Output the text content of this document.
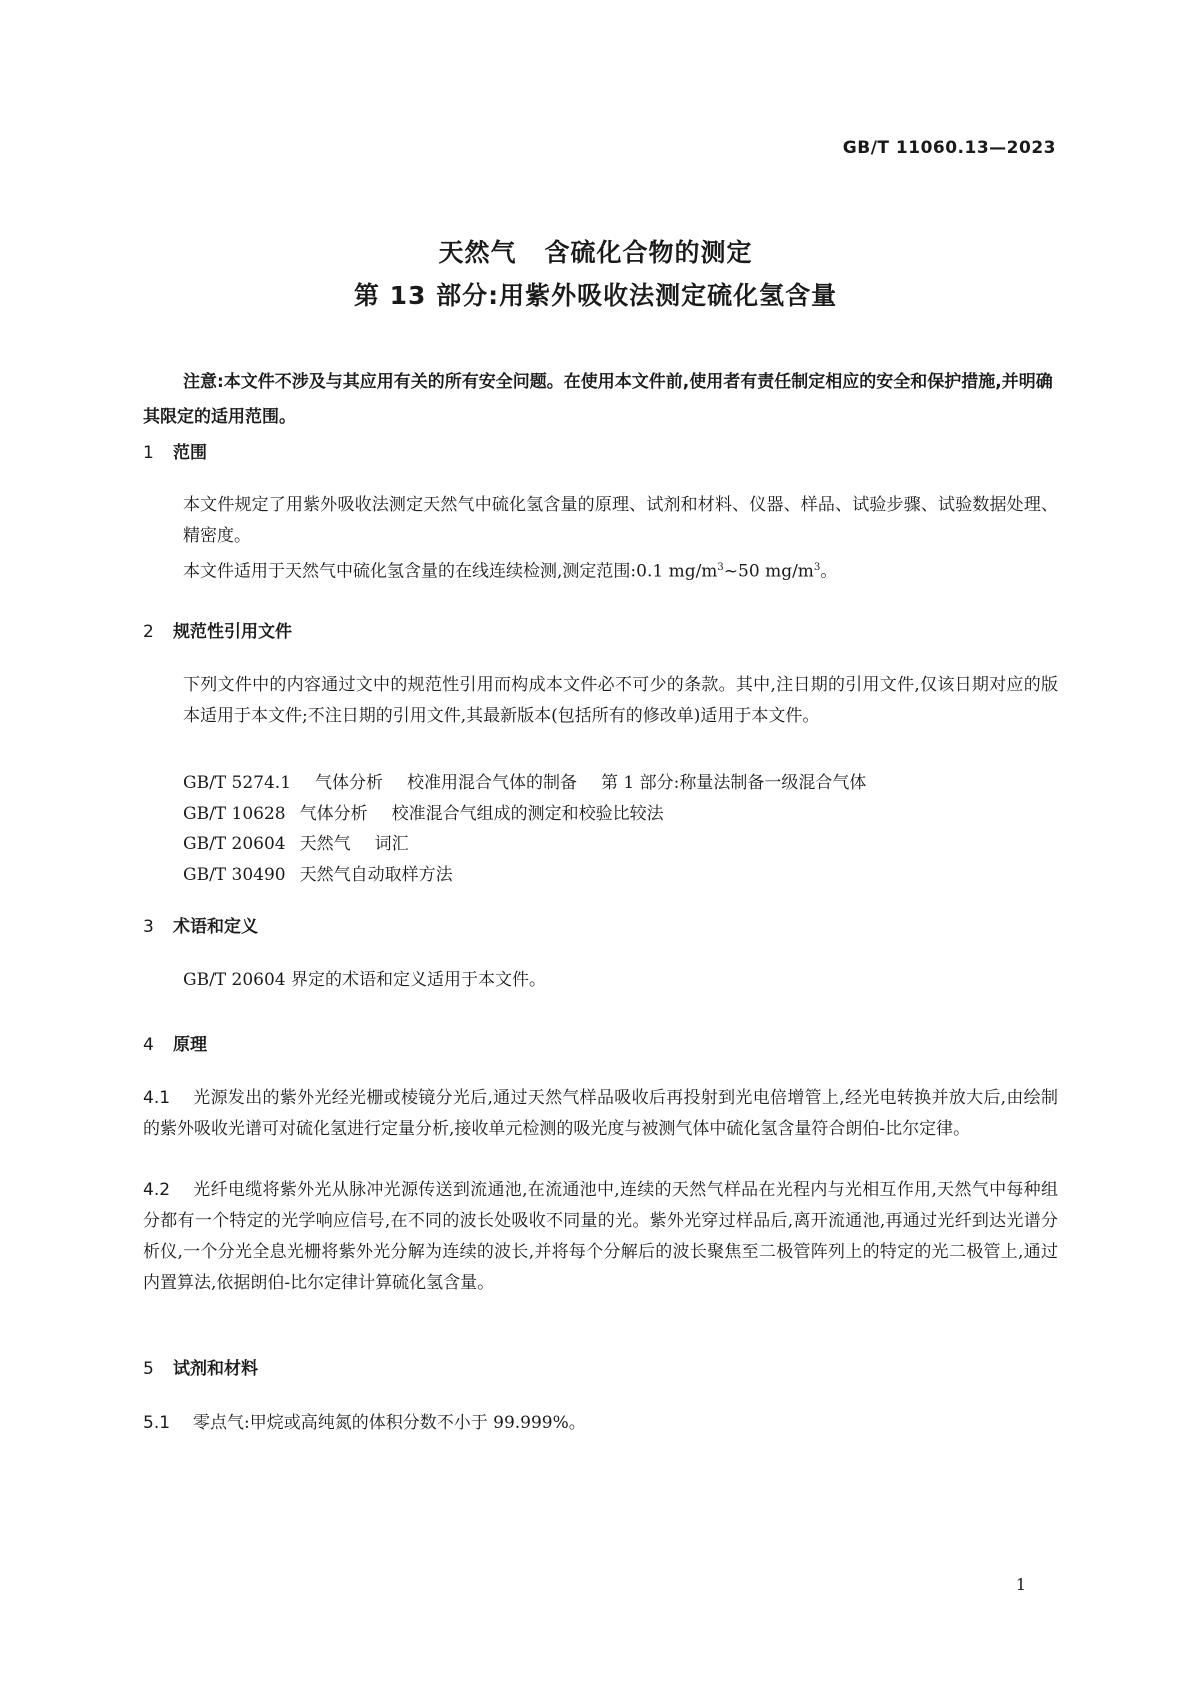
GB/T 11060.13—2023
天然气 含硫化合物的测定
第 13 部分:用紫外吸收法测定硫化氢含量
注意:本文件不涉及与其应用有关的所有安全问题。在使用本文件前,使用者有责任制定相应的安全和保护措施,并明确其限定的适用范围。
1 范围
本文件规定了用紫外吸收法测定天然气中硫化氢含量的原理、试剂和材料、仪器、样品、试验步骤、试验数据处理、精密度。
本文件适用于天然气中硫化氢含量的在线连续检测,测定范围:0.1 $mg/m^3\sim 50$ $mg/m^3$。
2 规范性引用文件
下列文件中的内容通过文中的规范性引用而构成本文件必不可少的条款。其中,注日期的引用文件,仅该日期对应的版本适用于本文件;不注日期的引用文件,其最新版本(包括所有的修改单)适用于本文件。
GB/T 5274.1 气体分析 校准用混合气体的制备 第 1 部分:称量法制备一级混合气体
GB/T 10628 气体分析 校准混合气组成的测定和校验比较法
GB/T 20604 天然气 词汇
GB/T 30490 天然气自动取样方法
3 术语和定义
GB/T 20604 界定的术语和定义适用于本文件。
4 原理
4.1 光源发出的紫外光经光栅或棱镜分光后,通过天然气样品吸收后再投射到光电倍增管上,经光电转换并放大后,由绘制的紫外吸收光谱可对硫化氢进行定量分析,接收单元检测的吸光度与被测气体中硫化氢含量符合朗伯-比尔定律。
4.2 光纤电缆将紫外光从脉冲光源传送到流通池,在流通池中,连续的天然气样品在光程内与光相互作用,天然气中每种组分都有一个特定的光学响应信号,在不同的波长处吸收不同量的光。紫外光穿过样品后,离开流通池,再通过光纤到达光谱分析仪,一个分光全息光栅将紫外光分解为连续的波长,并将每个分解后的波长聚焦至二极管阵列上的特定的光二极管上,通过内置算法,依据朗伯-比尔定律计算硫化氢含量。
5 试剂和材料
5.1 零点气:甲烷或高纯氮的体积分数不小于 99.999%。
1
